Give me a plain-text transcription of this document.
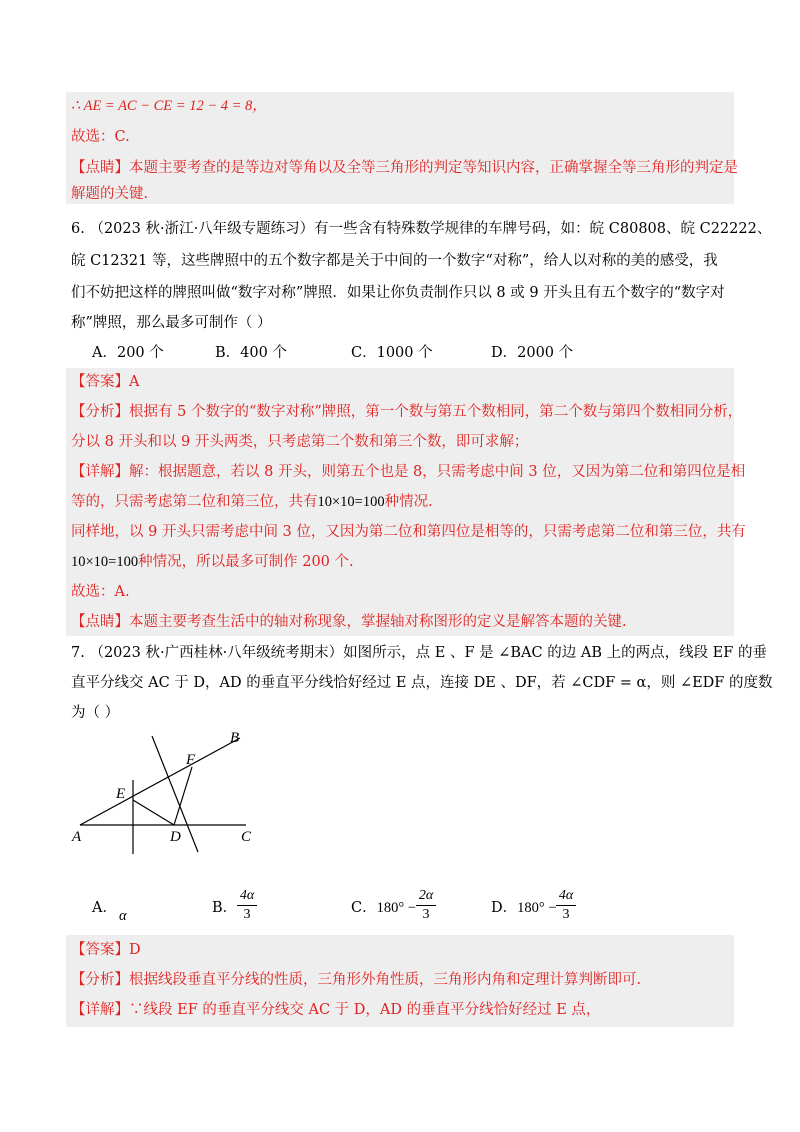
∴ AE = AC − CE = 12 − 4 = 8，
故选：C.
【点睛】本题主要考查的是等边对等角以及全等三角形的判定等知识内容，正确掌握全等三角形的判定是
解题的关键.
6. （2023 秋·浙江·八年级专题练习）有一些含有特殊数学规律的车牌号码，如：皖 C80808、皖 C22222、
皖 C12321 等，这些牌照中的五个数字都是关于中间的一个数字“对称”，给人以对称的美的感受，我
们不妨把这样的牌照叫做“数字对称”牌照．如果让你负责制作只以 8 或 9 开头且有五个数字的“数字对
称”牌照，那么最多可制作（ ）
A．200 个	B．400 个	C．1000 个	D．2000 个
【答案】A
【分析】根据有 5 个数字的“数字对称”牌照，第一个数与第五个数相同，第二个数与第四个数相同分析，
分以 8 开头和以 9 开头两类，只考虑第二个数和第三个数，即可求解；
【详解】解：根据题意，若以 8 开头，则第五个也是 8，只需考虑中间 3 位，又因为第二位和第四位是相
等的，只需考虑第二位和第三位，共有10×10=100种情况.
同样地，以 9 开头只需考虑中间 3 位，又因为第二位和第四位是相等的，只需考虑第二位和第三位，共有
10×10=100种情况，所以最多可制作 200 个.
故选：A.
【点睛】本题主要考查生活中的轴对称现象，掌握轴对称图形的定义是解答本题的关键.
7. （2023 秋·广西桂林·八年级统考期末）如图所示，点 E 、F 是 ∠BAC 的边 AB 上的两点，线段 EF 的垂
直平分线交 AC 于 D，AD 的垂直平分线恰好经过 E 点，连接 DE 、DF，若 ∠CDF = α，则 ∠EDF 的度数
为（ ）
A
B
C
D
E
F
A． α	B．
4α
3	C．180° −
2α
3	D．180° −
4α
3
【答案】D
【分析】根据线段垂直平分线的性质，三角形外角性质，三角形内角和定理计算判断即可.
【详解】∵线段 EF 的垂直平分线交 AC 于 D，AD 的垂直平分线恰好经过 E 点，
